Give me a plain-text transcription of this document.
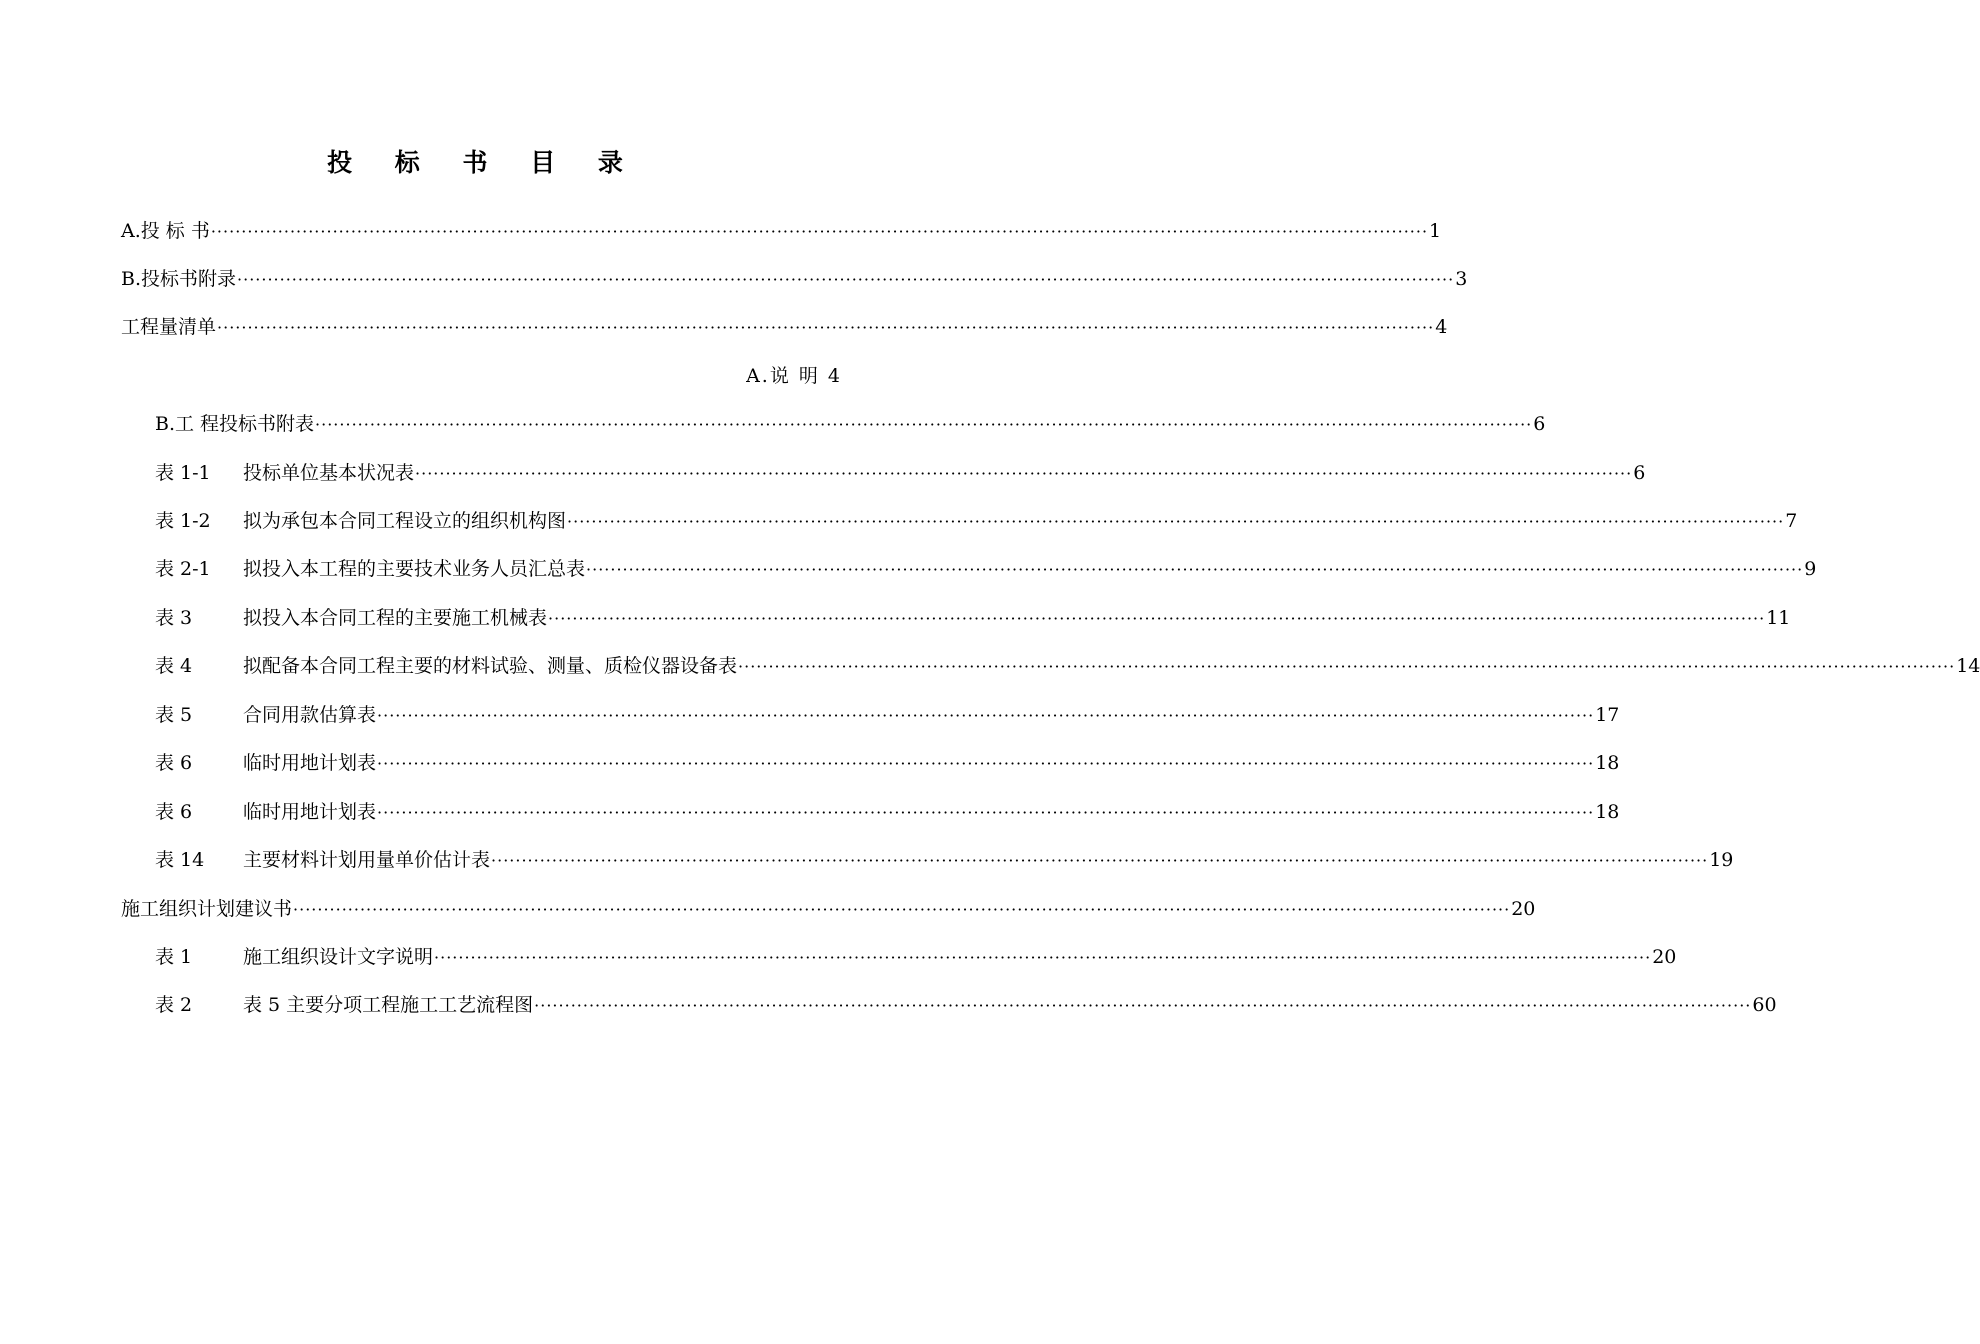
投 标 书 目 录
A.投 标 书 ········································································································································································································ 1
B.投标书附录 ········································································································································································································ 3
工程量清单 ········································································································································································································ 4
A.说 明 4
B.工 程投标书附表 ········································································································································································································ 6
表 1-1	投标单位基本状况表 ········································································································································································································ 6
表 1-2	拟为承包本合同工程设立的组织机构图 ········································································································································································································ 7
表 2-1	拟投入本工程的主要技术业务人员汇总表 ········································································································································································································ 9
表 3	拟投入本合同工程的主要施工机械表 ········································································································································································································ 11
表 4	拟配备本合同工程主要的材料试验、测量、质检仪器设备表 ········································································································································································································ 14
表 5	合同用款估算表 ········································································································································································································ 17
表 6	临时用地计划表 ········································································································································································································ 18
表 6	临时用地计划表 ········································································································································································································ 18
表 14	主要材料计划用量单价估计表 ········································································································································································································ 19
施工组织计划建议书 ········································································································································································································ 20
表 1	施工组织设计文字说明 ········································································································································································································ 20
表 2	表 5 主要分项工程施工工艺流程图 ········································································································································································································ 60
